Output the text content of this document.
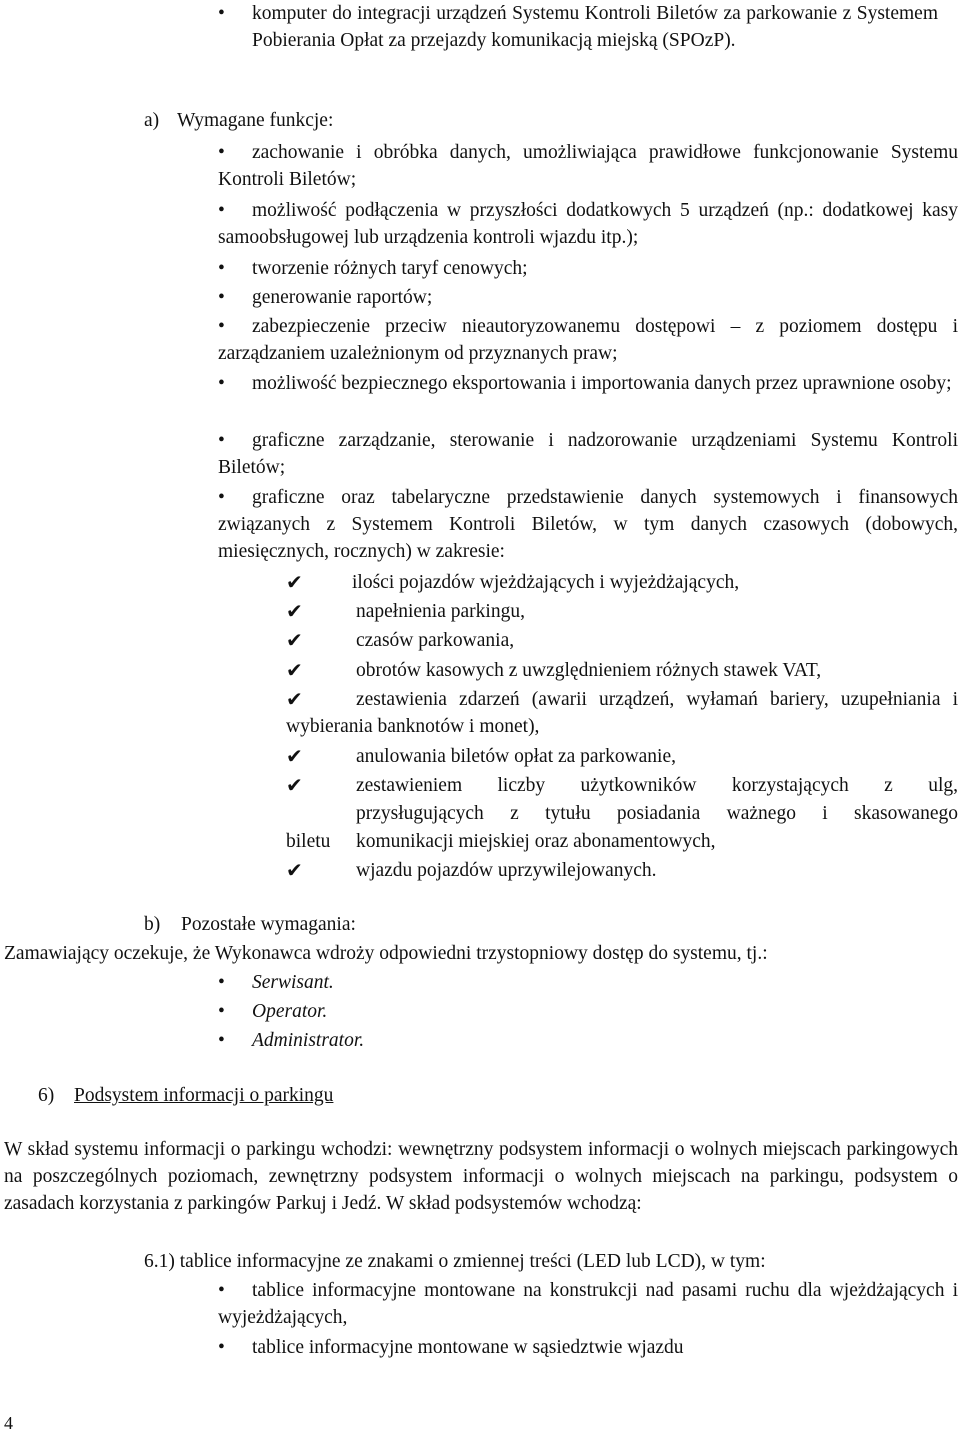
•	komputer do integracji urządzeń Systemu Kontroli Biletów za parkowanie z Systemem Pobierania Opłat za przejazdy komunikacją miejską (SPOzP).

a) Wymagane funkcje:
•	zachowanie i obróbka danych, umożliwiająca prawidłowe funkcjonowanie Systemu Kontroli Biletów;

•	możliwość podłączenia w przyszłości dodatkowych 5 urządzeń (np.: dodatkowej kasy samoobsługowej lub urządzenia kontroli wjazdu itp.);

•	tworzenie różnych taryf cenowych;

•	generowanie raportów;

•	zabezpieczenie przeciw nieautoryzowanemu dostępowi – z poziomem dostępu i zarządzaniem uzależnionym od przyznanych praw;

•	możliwość bezpiecznego eksportowania i importowania danych przez uprawnione osoby;

•	graficzne zarządzanie, sterowanie i nadzorowanie urządzeniami Systemu Kontroli Biletów;

•	graficzne oraz tabelaryczne przedstawienie danych systemowych i finansowych związanych z Systemem Kontroli Biletów, w tym danych czasowych (dobowych, miesięcznych, rocznych) w zakresie:

✔	ilości pojazdów wjeżdżających i wyjeżdżających,

✔	napełnienia parkingu,

✔	czasów parkowania,

✔	obrotów kasowych z uwzględnieniem różnych stawek VAT,

✔	zestawienia zdarzeń (awarii urządzeń, wyłamań bariery, uzupełniania i wybierania banknotów i monet),

✔	anulowania biletów opłat za parkowanie,

✔	zestawieniem liczby użytkowników korzystających z ulg,

przysługujących z tytułu posiadania ważnego i skasowanego

biletu komunikacji miejskiej oraz abonamentowych,
✔	wjazdu pojazdów uprzywilejowanych.

b) Pozostałe wymagania:

Zamawiający oczekuje, że Wykonawca wdroży odpowiedni trzystopniowy dostęp do systemu, tj.:

•	Serwisant.
•	Operator.
•	Administrator.
6) Podsystem informacji o parkingu

W skład systemu informacji o parkingu wchodzi: wewnętrzny podsystem informacji o wolnych miejscach parkingowych na poszczególnych poziomach, zewnętrzny podsystem informacji o wolnych miejscach na parkingu, podsystem o zasadach korzystania z parkingów Parkuj i Jedź. W skład podsystemów wchodzą:

6.1) tablice informacyjne ze znakami o zmiennej treści (LED lub LCD), w tym:

•	tablice informacyjne montowane na konstrukcji nad pasami ruchu dla wjeżdżających i wyjeżdżających,

•	tablice informacyjne montowane w sąsiedztwie wjazdu

4
